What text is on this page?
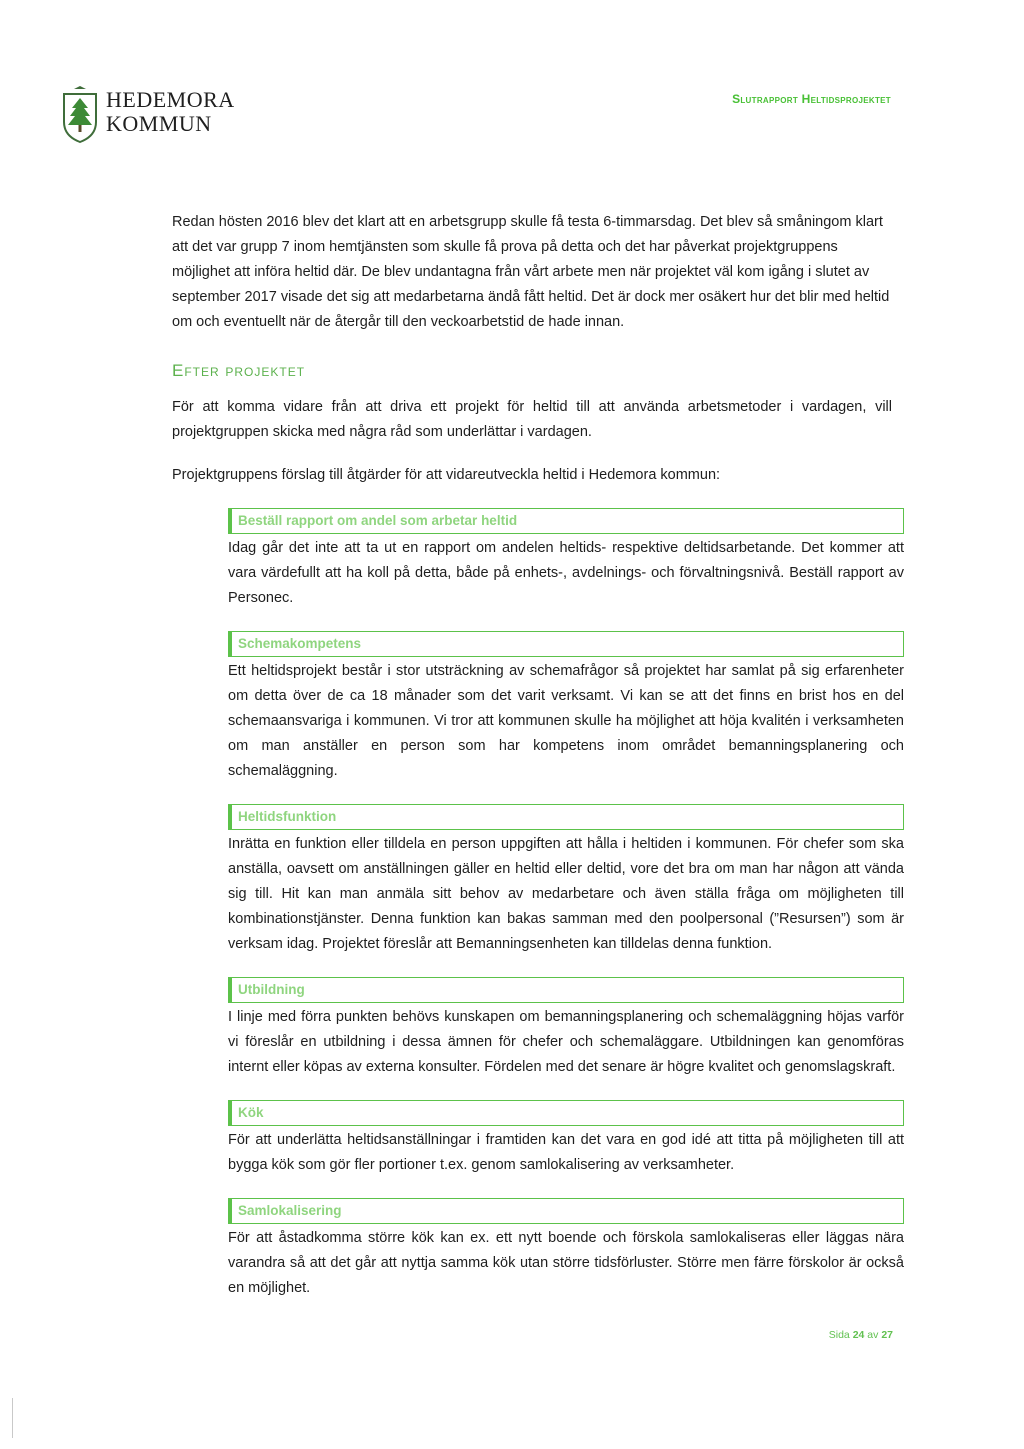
HEDEMORA
KOMMUN
Slutrapport Heltidsprojektet

Redan hösten 2016 blev det klart att en arbetsgrupp skulle få testa 6-timmarsdag. Det blev så småningom klart att det var grupp 7 inom hemtjänsten som skulle få prova på detta och det har påverkat projektgruppens möjlighet att införa heltid där. De blev undantagna från vårt arbete men när projektet väl kom igång i slutet av september 2017 visade det sig att medarbetarna ändå fått heltid. Det är dock mer osäkert hur det blir med heltid om och eventuellt när de återgår till den veckoarbetstid de hade innan.

Efter projektet

För att komma vidare från att driva ett projekt för heltid till att använda arbetsmetoder i vardagen, vill projektgruppen skicka med några råd som underlättar i vardagen.

Projektgruppens förslag till åtgärder för att vidareutveckla heltid i Hedemora kommun:

Beställ rapport om andel som arbetar heltid

Idag går det inte att ta ut en rapport om andelen heltids- respektive deltidsarbetande. Det kommer att vara värdefullt att ha koll på detta, både på enhets-, avdelnings- och förvaltningsnivå. Beställ rapport av Personec.

Schemakompetens

Ett heltidsprojekt består i stor utsträckning av schemafrågor så projektet har samlat på sig erfarenheter om detta över de ca 18 månader som det varit verksamt. Vi kan se att det finns en brist hos en del schemaansvariga i kommunen. Vi tror att kommunen skulle ha möjlighet att höja kvalitén i verksamheten om man anställer en person som har kompetens inom området bemanningsplanering och schemaläggning.

Heltidsfunktion

Inrätta en funktion eller tilldela en person uppgiften att hålla i heltiden i kommunen. För chefer som ska anställa, oavsett om anställningen gäller en heltid eller deltid, vore det bra om man har någon att vända sig till. Hit kan man anmäla sitt behov av medarbetare och även ställa fråga om möjligheten till kombinationstjänster. Denna funktion kan bakas samman med den poolpersonal (”Resursen”) som är verksam idag. Projektet föreslår att Bemanningsenheten kan tilldelas denna funktion.

Utbildning

I linje med förra punkten behövs kunskapen om bemanningsplanering och schemaläggning höjas varför vi föreslår en utbildning i dessa ämnen för chefer och schemaläggare. Utbildningen kan genomföras internt eller köpas av externa konsulter. Fördelen med det senare är högre kvalitet och genomslagskraft.

Kök

För att underlätta heltidsanställningar i framtiden kan det vara en god idé att titta på möjligheten till att bygga kök som gör fler portioner t.ex. genom samlokalisering av verksamheter.

Samlokalisering

För att åstadkomma större kök kan ex. ett nytt boende och förskola samlokaliseras eller läggas nära varandra så att det går att nyttja samma kök utan större tidsförluster. Större men färre förskolor är också en möjlighet.

Sida 24 av 27
